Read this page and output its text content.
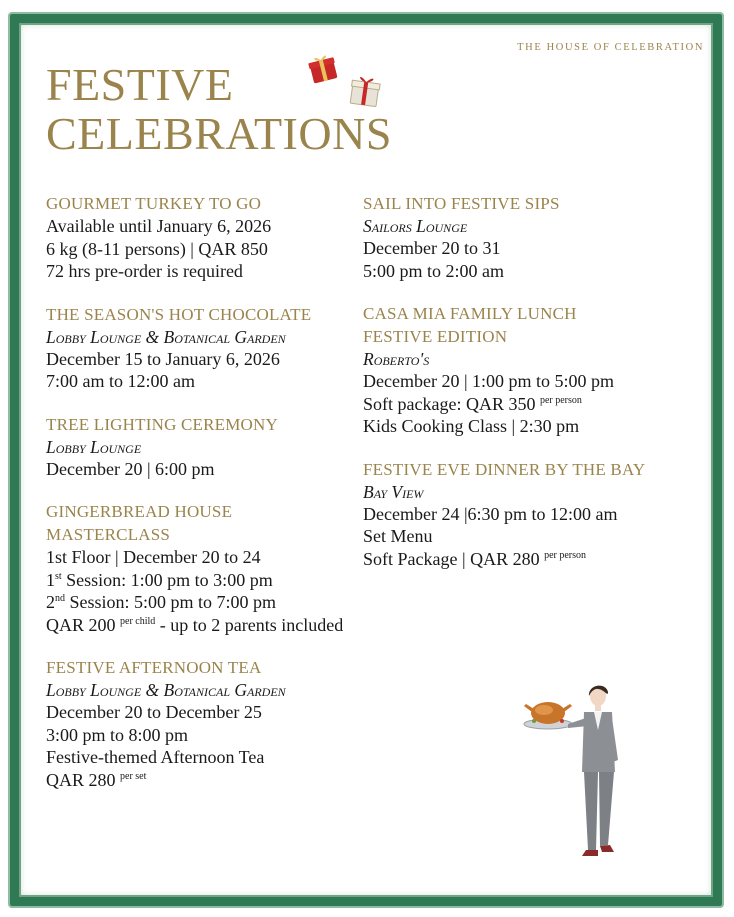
THE HOUSE OF CELEBRATION
FESTIVE
CELEBRATIONS
GOURMET TURKEY TO GO
Available until January 6, 2026
6 kg (8-11 persons) | QAR 850
72 hrs pre-order is required
THE SEASON'S HOT CHOCOLATE
Lobby Lounge & Botanical Garden
December 15 to January 6, 2026
7:00 am to 12:00 am
TREE LIGHTING CEREMONY
Lobby Lounge
December 20 | 6:00 pm
GINGERBREAD HOUSE
MASTERCLASS
1st Floor | December 20 to 24
1st Session: 1:00 pm to 3:00 pm
2nd Session: 5:00 pm to 7:00 pm
QAR 200 $^{per child}$ - up to 2 parents included
FESTIVE AFTERNOON TEA
Lobby Lounge & Botanical Garden
December 20 to December 25
3:00 pm to 8:00 pm
Festive-themed Afternoon Tea
QAR 280 $^{per set}$
SAIL INTO FESTIVE SIPS
Sailors Lounge
December 20 to 31
5:00 pm to 2:00 am
CASA MIA FAMILY LUNCH
FESTIVE EDITION
Roberto's
December 20 | 1:00 pm to 5:00 pm
Soft package: QAR 350 $^{per person}$
Kids Cooking Class | 2:30 pm
FESTIVE EVE DINNER BY THE BAY
Bay View
December 24 |6:30 pm to 12:00 am
Set Menu
Soft Package | QAR 280 $^{per person}$
